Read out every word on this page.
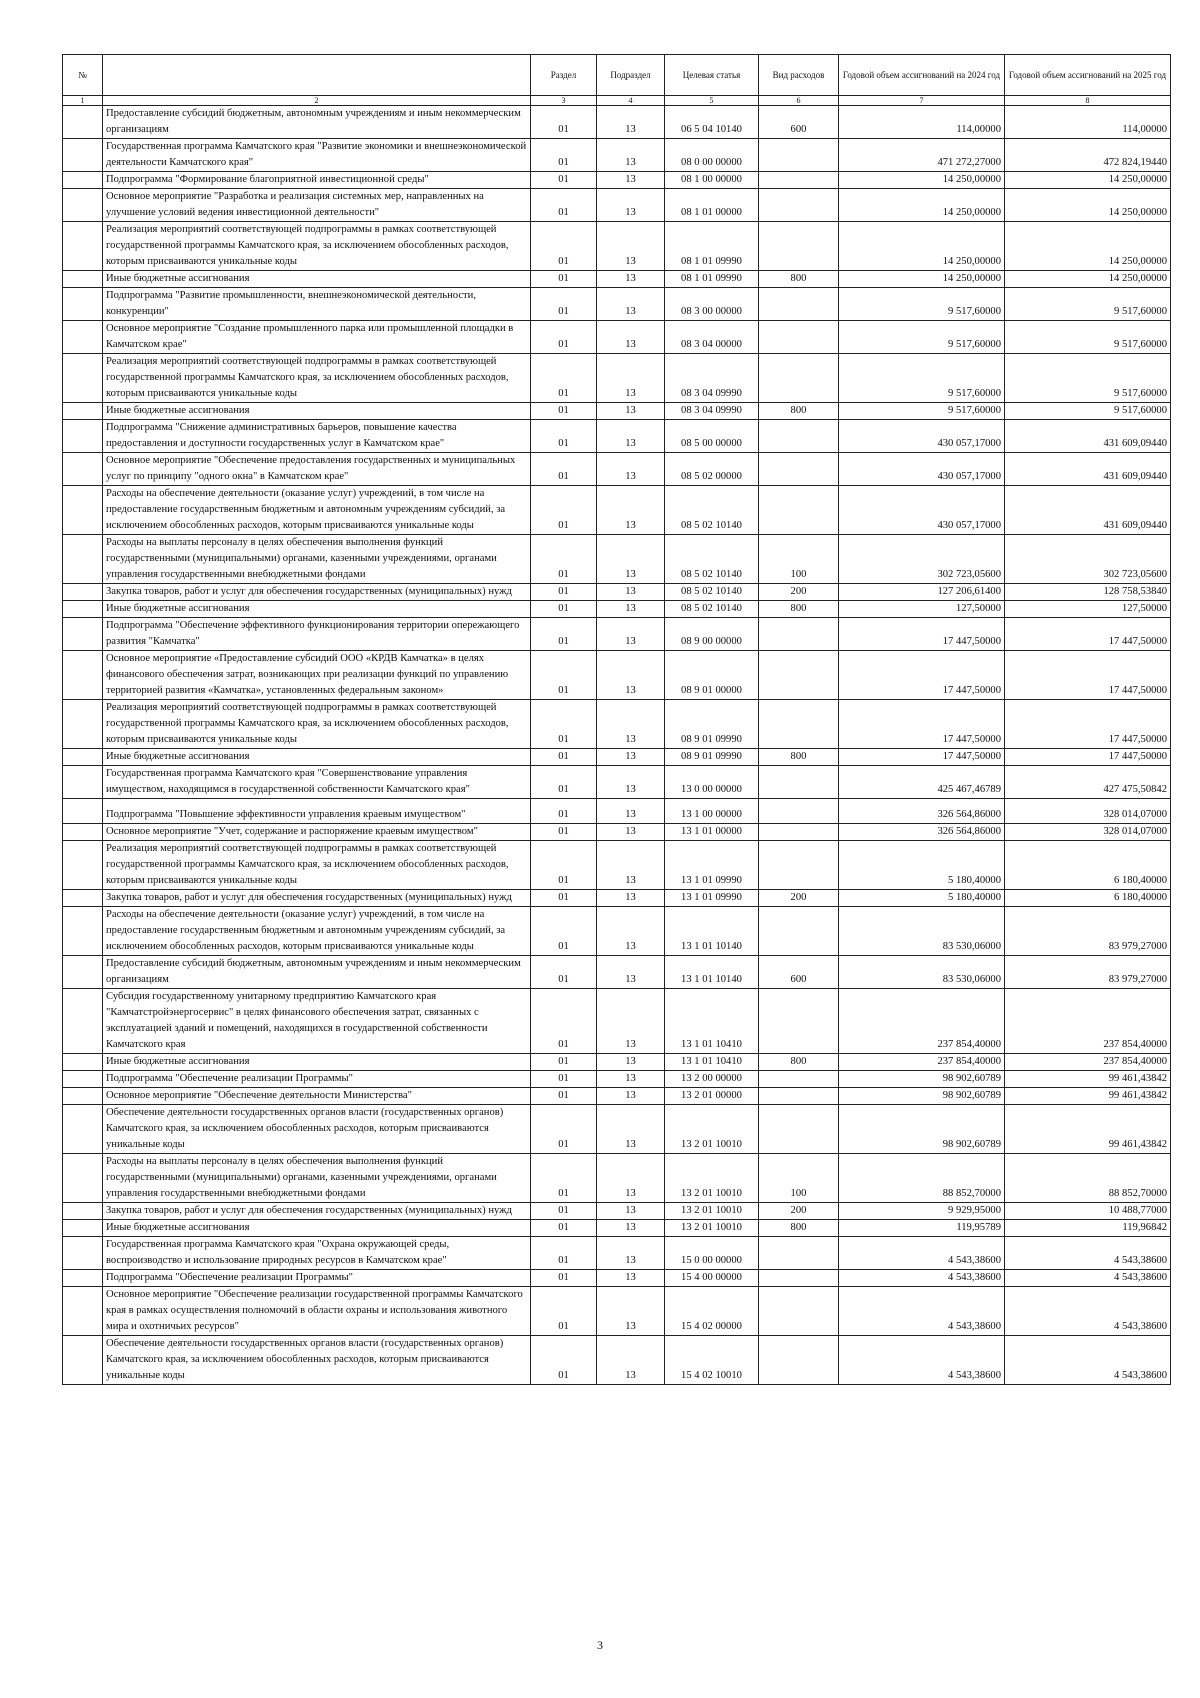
№		Раздел	Подраздел	Целевая статья	Вид расходов	Годовой объем ассигнований на 2024 год	Годовой объем ассигнований на 2025 год
1	2	3	4	5	6	7	8
	Предоставление субсидий бюджетным, автономным учреждениям и иным некоммерческим организациям	01	13	06 5 04 10140	600	114,00000	114,00000
	Государственная программа Камчатского края "Развитие экономики и внешнеэкономической деятельности Камчатского края"	01	13	08 0 00 00000		471 272,27000	472 824,19440
	Подпрограмма "Формирование благоприятной инвестиционной среды"	01	13	08 1 00 00000		14 250,00000	14 250,00000
	Основное мероприятие "Разработка и реализация системных мер, направленных на улучшение условий ведения инвестиционной деятельности"	01	13	08 1 01 00000		14 250,00000	14 250,00000
	Реализация мероприятий соответствующей подпрограммы в рамках соответствующей государственной программы Камчатского края, за исключением обособленных расходов, которым присваиваются уникальные коды	01	13	08 1 01 09990		14 250,00000	14 250,00000
	Иные бюджетные ассигнования	01	13	08 1 01 09990	800	14 250,00000	14 250,00000
	Подпрограмма "Развитие промышленности, внешнеэкономической деятельности, конкуренции"	01	13	08 3 00 00000		9 517,60000	9 517,60000
	Основное мероприятие "Создание промышленного парка или промышленной площадки в Камчатском крае"	01	13	08 3 04 00000		9 517,60000	9 517,60000
	Реализация мероприятий соответствующей подпрограммы в рамках соответствующей государственной программы Камчатского края, за исключением обособленных расходов, которым присваиваются уникальные коды	01	13	08 3 04 09990		9 517,60000	9 517,60000
	Иные бюджетные ассигнования	01	13	08 3 04 09990	800	9 517,60000	9 517,60000
	Подпрограмма "Снижение административных барьеров, повышение качества предоставления и доступности государственных услуг в Камчатском крае"	01	13	08 5 00 00000		430 057,17000	431 609,09440
	Основное мероприятие "Обеспечение предоставления государственных и муниципальных услуг по принципу "одного окна" в Камчатском крае"	01	13	08 5 02 00000		430 057,17000	431 609,09440
	Расходы на обеспечение деятельности (оказание услуг) учреждений, в том числе на предоставление государственным бюджетным и автономным учреждениям субсидий, за исключением обособленных расходов, которым присваиваются уникальные коды	01	13	08 5 02 10140		430 057,17000	431 609,09440
	Расходы на выплаты персоналу в целях обеспечения выполнения функций государственными (муниципальными) органами, казенными учреждениями, органами управления государственными внебюджетными фондами	01	13	08 5 02 10140	100	302 723,05600	302 723,05600
	Закупка товаров, работ и услуг для обеспечения государственных (муниципальных) нужд	01	13	08 5 02 10140	200	127 206,61400	128 758,53840
	Иные бюджетные ассигнования	01	13	08 5 02 10140	800	127,50000	127,50000
	Подпрограмма "Обеспечение эффективного функционирования территории опережающего развития "Камчатка"	01	13	08 9 00 00000		17 447,50000	17 447,50000
	Основное мероприятие «Предоставление субсидий ООО «КРДВ Камчатка» в целях финансового обеспечения затрат, возникающих при реализации функций по управлению территорией развития «Камчатка», установленных федеральным законом»	01	13	08 9 01 00000		17 447,50000	17 447,50000
	Реализация мероприятий соответствующей подпрограммы в рамках соответствующей государственной программы Камчатского края, за исключением обособленных расходов, которым присваиваются уникальные коды	01	13	08 9 01 09990		17 447,50000	17 447,50000
	Иные бюджетные ассигнования	01	13	08 9 01 09990	800	17 447,50000	17 447,50000
	Государственная программа Камчатского края "Совершенствование управления имуществом, находящимся в государственной собственности Камчатского края"	01	13	13 0 00 00000		425 467,46789	427 475,50842
	Подпрограмма "Повышение эффективности управления краевым имуществом"	01	13	13 1 00 00000		326 564,86000	328 014,07000
	Основное мероприятие "Учет, содержание и распоряжение краевым имуществом"	01	13	13 1 01 00000		326 564,86000	328 014,07000
	Реализация мероприятий соответствующей подпрограммы в рамках соответствующей государственной программы Камчатского края, за исключением обособленных расходов, которым присваиваются уникальные коды	01	13	13 1 01 09990		5 180,40000	6 180,40000
	Закупка товаров, работ и услуг для обеспечения государственных (муниципальных) нужд	01	13	13 1 01 09990	200	5 180,40000	6 180,40000
	Расходы на обеспечение деятельности (оказание услуг) учреждений, в том числе на предоставление государственным бюджетным и автономным учреждениям субсидий, за исключением обособленных расходов, которым присваиваются уникальные коды	01	13	13 1 01 10140		83 530,06000	83 979,27000
	Предоставление субсидий бюджетным, автономным учреждениям и иным некоммерческим организациям	01	13	13 1 01 10140	600	83 530,06000	83 979,27000
	Субсидия государственному унитарному предприятию Камчатского края "Камчатстройэнергосервис" в целях финансового обеспечения затрат, связанных с эксплуатацией зданий и помещений, находящихся в государственной собственности Камчатского края	01	13	13 1 01 10410		237 854,40000	237 854,40000
	Иные бюджетные ассигнования	01	13	13 1 01 10410	800	237 854,40000	237 854,40000
	Подпрограмма "Обеспечение реализации Программы"	01	13	13 2 00 00000		98 902,60789	99 461,43842
	Основное мероприятие "Обеспечение деятельности Министерства"	01	13	13 2 01 00000		98 902,60789	99 461,43842
	Обеспечение деятельности государственных органов власти (государственных органов) Камчатского края, за исключением обособленных расходов, которым присваиваются уникальные коды	01	13	13 2 01 10010		98 902,60789	99 461,43842
	Расходы на выплаты персоналу в целях обеспечения выполнения функций государственными (муниципальными) органами, казенными учреждениями, органами управления государственными внебюджетными фондами	01	13	13 2 01 10010	100	88 852,70000	88 852,70000
	Закупка товаров, работ и услуг для обеспечения государственных (муниципальных) нужд	01	13	13 2 01 10010	200	9 929,95000	10 488,77000
	Иные бюджетные ассигнования	01	13	13 2 01 10010	800	119,95789	119,96842
	Государственная программа Камчатского края "Охрана окружающей среды, воспроизводство и использование природных ресурсов в Камчатском крае"	01	13	15 0 00 00000		4 543,38600	4 543,38600
	Подпрограмма "Обеспечение реализации Программы"	01	13	15 4 00 00000		4 543,38600	4 543,38600
	Основное мероприятие "Обеспечение реализации государственной программы Камчатского края в рамках осуществления полномочий в области охраны и использования животного мира и охотничьих ресурсов"	01	13	15 4 02 00000		4 543,38600	4 543,38600
	Обеспечение деятельности государственных органов власти (государственных органов) Камчатского края, за исключением обособленных расходов, которым присваиваются уникальные коды	01	13	15 4 02 10010		4 543,38600	4 543,38600
3
